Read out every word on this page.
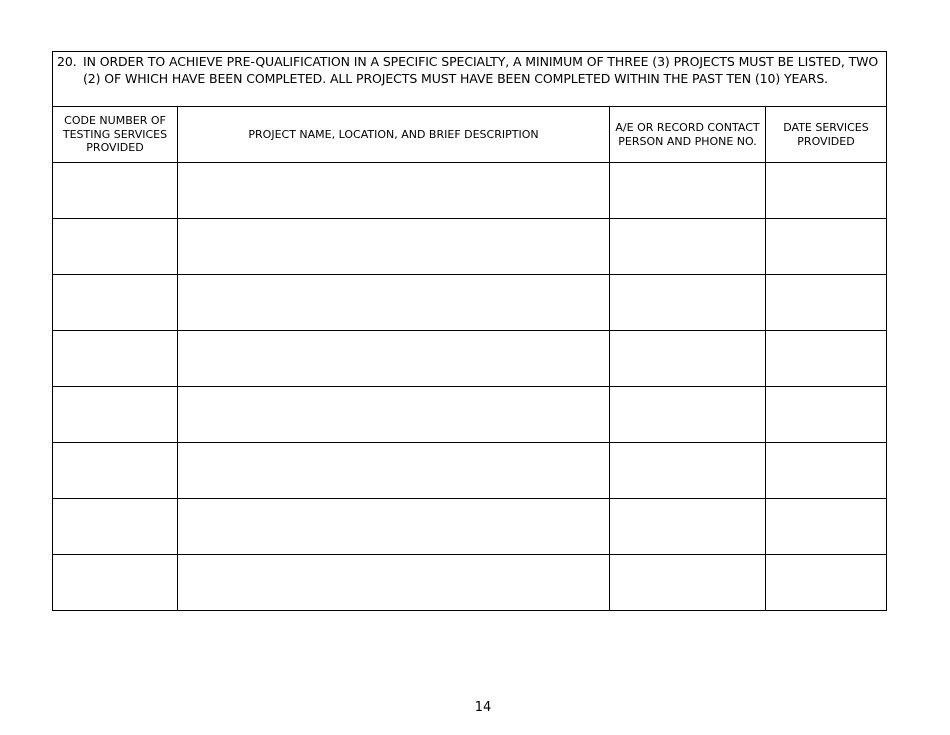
20. IN ORDER TO ACHIEVE PRE-QUALIFICATION IN A SPECIFIC SPECIALTY, A MINIMUM OF THREE (3) PROJECTS MUST BE LISTED, TWO (2) OF WHICH HAVE BEEN COMPLETED. ALL PROJECTS MUST HAVE BEEN COMPLETED WITHIN THE PAST TEN (10) YEARS.			

CODE NUMBER OF TESTING SERVICES PROVIDED	PROJECT NAME, LOCATION, AND BRIEF DESCRIPTION	A/E OR RECORD CONTACT PERSON AND PHONE NO.	DATE SERVICES PROVIDED

14
